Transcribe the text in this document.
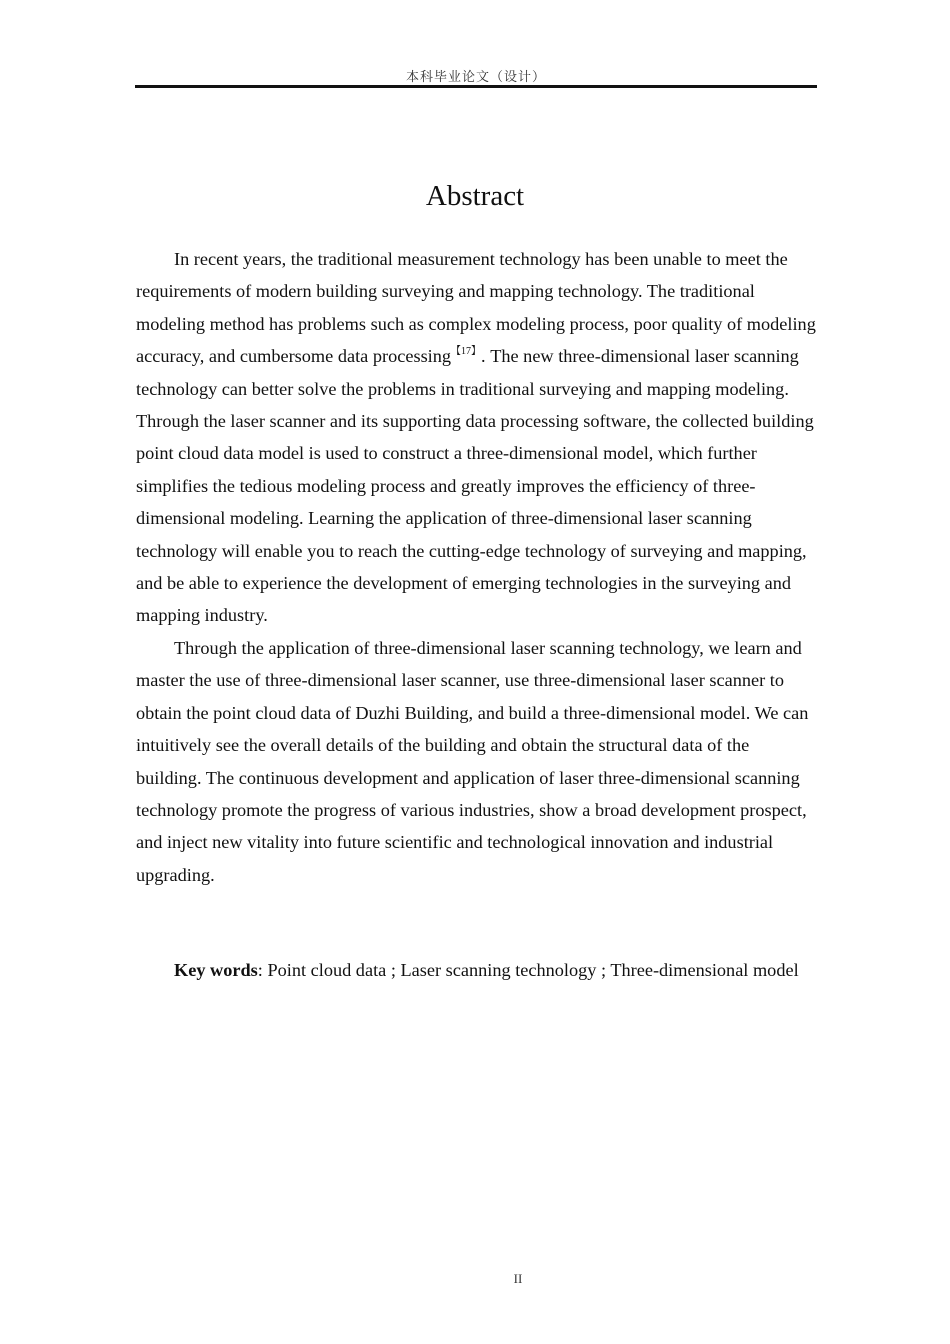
本科毕业论文（设计）
Abstract

In recent years, the traditional measurement technology has been unable to meet the requirements of modern building surveying and mapping technology. The traditional modeling method has problems such as complex modeling process, poor quality of modeling accuracy, and cumbersome data processing$^{【17】}$. The new three-dimensional laser scanning technology can better solve the problems in traditional surveying and mapping modeling. Through the laser scanner and its supporting data processing software, the collected building point cloud data model is used to construct a three-dimensional model, which further simplifies the tedious modeling process and greatly improves the efficiency of three-dimensional modeling. Learning the application of three-dimensional laser scanning technology will enable you to reach the cutting-edge technology of surveying and mapping, and be able to experience the development of emerging technologies in the surveying and mapping industry.

Through the application of three-dimensional laser scanning technology, we learn and master the use of three-dimensional laser scanner, use three-dimensional laser scanner to obtain the point cloud data of Duzhi Building, and build a three-dimensional model. We can intuitively see the overall details of the building and obtain the structural data of the building. The continuous development and application of laser three-dimensional scanning technology promote the progress of various industries, show a broad development prospect, and inject new vitality into future scientific and technological innovation and industrial upgrading.

Key words: Point cloud data ; Laser scanning technology ; Three-dimensional model

II
